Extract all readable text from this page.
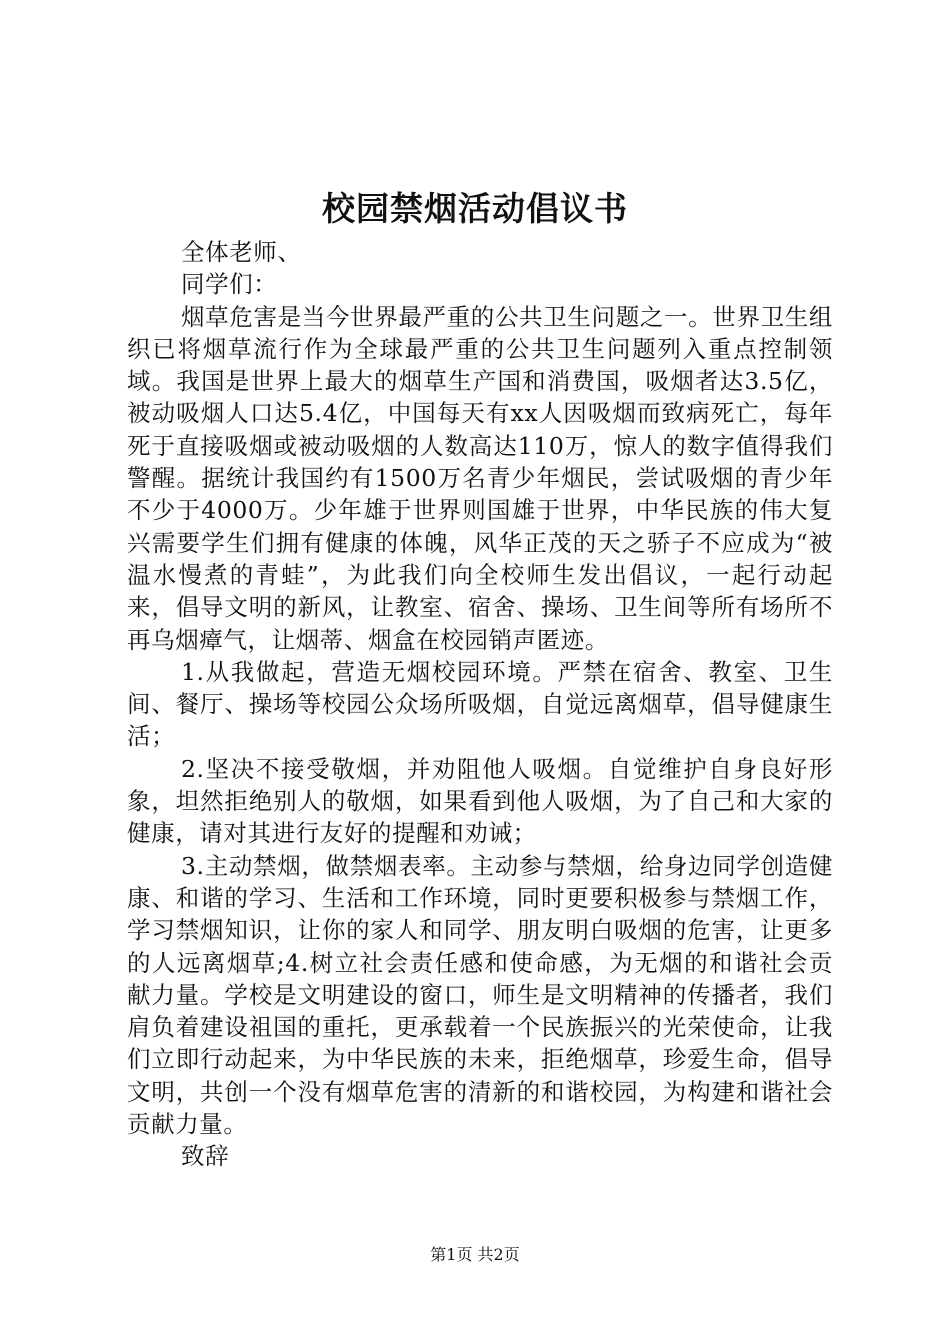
校园禁烟活动倡议书

全体老师、

同学们：

烟草危害是当今世界最严重的公共卫生问题之一。世界卫生组织已将烟草流行作为全球最严重的公共卫生问题列入重点控制领域。我国是世界上最大的烟草生产国和消费国，吸烟者达3.5亿，被动吸烟人口达5.4亿，中国每天有xx人因吸烟而致病死亡，每年死于直接吸烟或被动吸烟的人数高达110万，惊人的数字值得我们警醒。据统计我国约有1500万名青少年烟民，尝试吸烟的青少年不少于4000万。少年雄于世界则国雄于世界，中华民族的伟大复兴需要学生们拥有健康的体魄，风华正茂的天之骄子不应成为“被温水慢煮的青蛙”，为此我们向全校师生发出倡议，一起行动起来，倡导文明的新风，让教室、宿舍、操场、卫生间等所有场所不再乌烟瘴气，让烟蒂、烟盒在校园销声匿迹。

1.从我做起，营造无烟校园环境。严禁在宿舍、教室、卫生间、餐厅、操场等校园公众场所吸烟，自觉远离烟草，倡导健康生活；

2.坚决不接受敬烟，并劝阻他人吸烟。自觉维护自身良好形象，坦然拒绝别人的敬烟，如果看到他人吸烟，为了自己和大家的健康，请对其进行友好的提醒和劝诫；

3.主动禁烟，做禁烟表率。主动参与禁烟，给身边同学创造健康、和谐的学习、生活和工作环境，同时更要积极参与禁烟工作，学习禁烟知识，让你的家人和同学、朋友明白吸烟的危害，让更多的人远离烟草;4.树立社会责任感和使命感，为无烟的和谐社会贡献力量。学校是文明建设的窗口，师生是文明精神的传播者，我们肩负着建设祖国的重托，更承载着一个民族振兴的光荣使命，让我们立即行动起来，为中华民族的未来，拒绝烟草，珍爱生命，倡导文明，共创一个没有烟草危害的清新的和谐校园，为构建和谐社会贡献力量。

致辞

第1页 共2页
